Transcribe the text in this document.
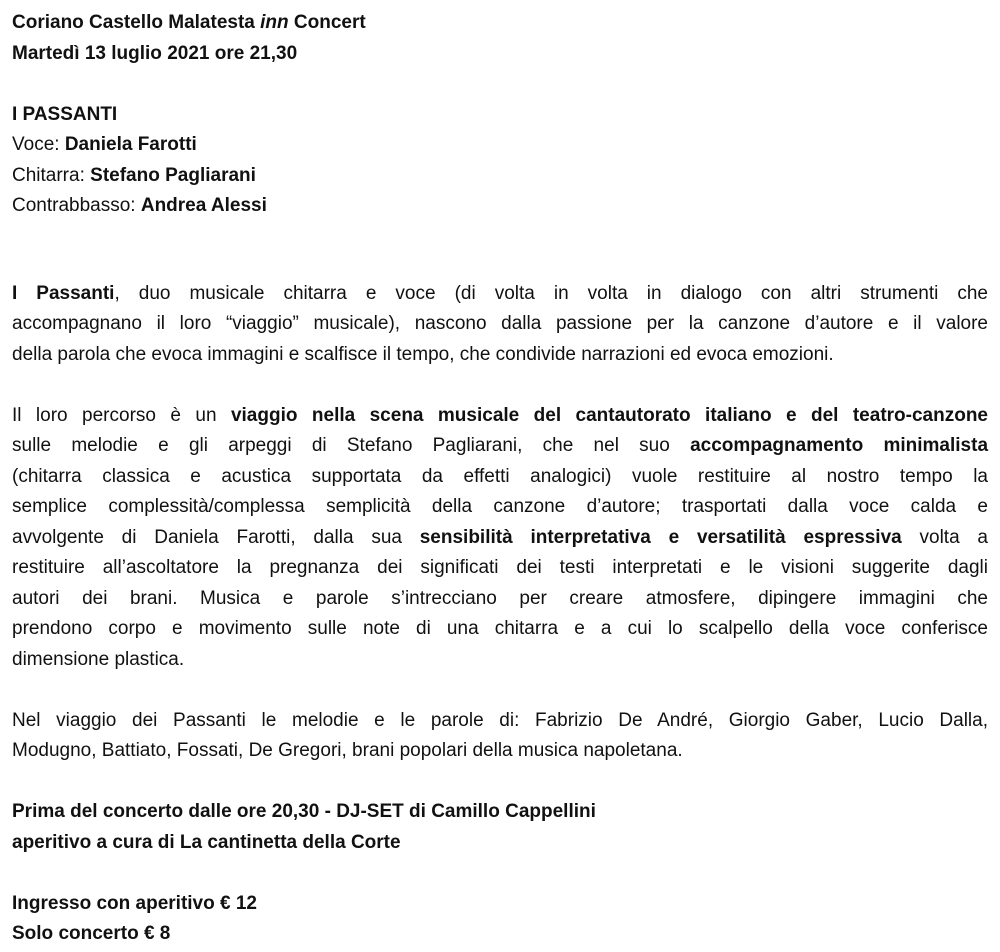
Coriano Castello Malatesta inn Concert
Martedì 13 luglio 2021 ore 21,30
I PASSANTI
Voce: Daniela Farotti
Chitarra: Stefano Pagliarani
Contrabbasso: Andrea Alessi
I Passanti, duo musicale chitarra e voce (di volta in volta in dialogo con altri strumenti che
accompagnano il loro “viaggio” musicale), nascono dalla passione per la canzone d’autore e il valore
della parola che evoca immagini e scalfisce il tempo, che condivide narrazioni ed evoca emozioni.
Il loro percorso è un viaggio nella scena musicale del cantautorato italiano e del teatro-canzone
sulle melodie e gli arpeggi di Stefano Pagliarani, che nel suo accompagnamento minimalista
(chitarra classica e acustica supportata da effetti analogici) vuole restituire al nostro tempo la
semplice complessità/complessa semplicità della canzone d’autore; trasportati dalla voce calda e
avvolgente di Daniela Farotti, dalla sua sensibilità interpretativa e versatilità espressiva volta a
restituire all’ascoltatore la pregnanza dei significati dei testi interpretati e le visioni suggerite dagli
autori dei brani. Musica e parole s’intrecciano per creare atmosfere, dipingere immagini che
prendono corpo e movimento sulle note di una chitarra e a cui lo scalpello della voce conferisce
dimensione plastica.
Nel viaggio dei Passanti le melodie e le parole di: Fabrizio De André, Giorgio Gaber, Lucio Dalla,
Modugno, Battiato, Fossati, De Gregori, brani popolari della musica napoletana.
Prima del concerto dalle ore 20,30 - DJ-SET di Camillo Cappellini
aperitivo a cura di La cantinetta della Corte
Ingresso con aperitivo € 12
Solo concerto € 8
